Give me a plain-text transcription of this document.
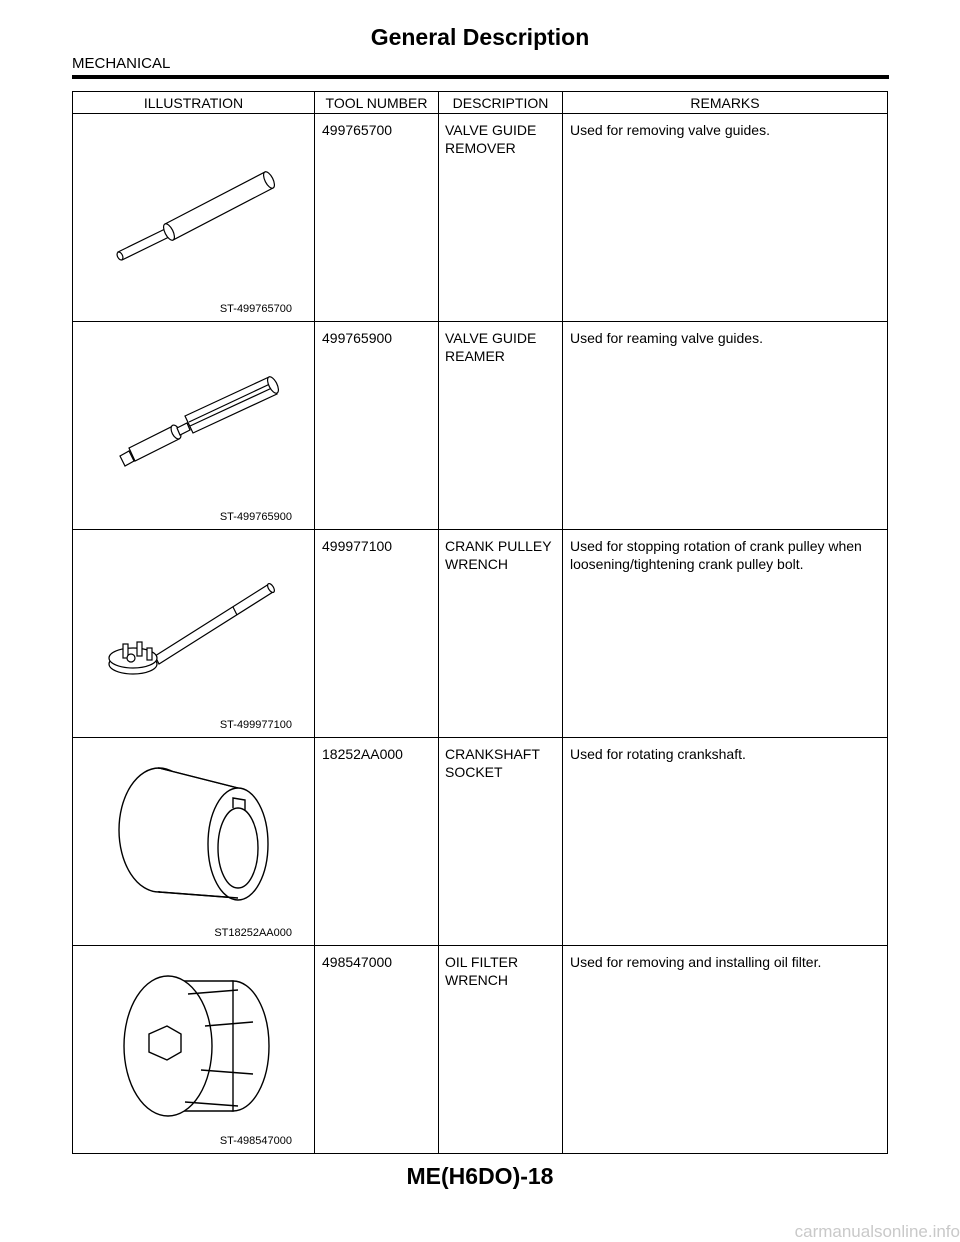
General Description
MECHANICAL
ILLUSTRATION	TOOL NUMBER	DESCRIPTION	REMARKS

ST-499765700	499765700	VALVE GUIDE REMOVER	Used for removing valve guides.

ST-499765900	499765900	VALVE GUIDE REAMER	Used for reaming valve guides.

ST-499977100	499977100	CRANK PULLEY WRENCH	Used for stopping rotation of crank pulley when loosening/tightening crank pulley bolt.

ST18252AA000	18252AA000	CRANKSHAFT SOCKET	Used for rotating crankshaft.

ST-498547000	498547000	OIL FILTER WRENCH	Used for removing and installing oil filter.
ME(H6DO)-18
carmanualsonline.info
